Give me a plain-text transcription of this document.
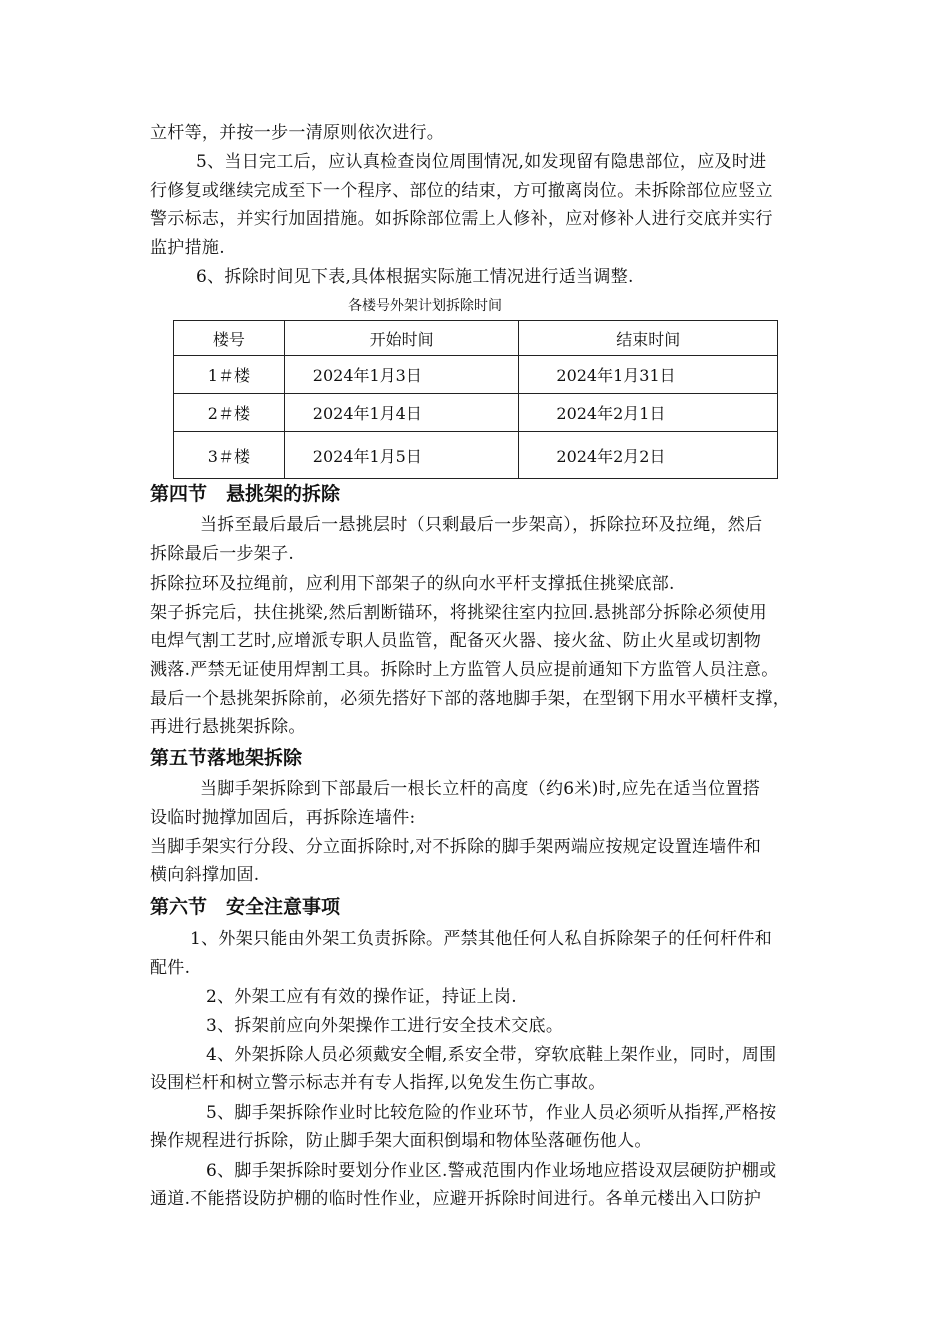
立杆等，并按一步一清原则依次进行。
5、当日完工后，应认真检查岗位周围情况,如发现留有隐患部位，应及时进
行修复或继续完成至下一个程序、部位的结束，方可撤离岗位。未拆除部位应竖立
警示标志，并实行加固措施。如拆除部位需上人修补，应对修补人进行交底并实行
监护措施.
6、拆除时间见下表,具体根据实际施工情况进行适当调整.
各楼号外架计划拆除时间
楼号	开始时间	结束时间
1＃楼	2024年1月3日	2024年1月31日
2＃楼	2024年1月4日	2024年2月1日
3＃楼	2024年1月5日	2024年2月2日
第四节　悬挑架的拆除
当拆至最后最后一悬挑层时（只剩最后一步架高），拆除拉环及拉绳，然后
拆除最后一步架子.
拆除拉环及拉绳前，应利用下部架子的纵向水平杆支撑抵住挑梁底部.
架子拆完后，扶住挑梁,然后割断锚环，将挑梁往室内拉回.悬挑部分拆除必须使用
电焊气割工艺时,应增派专职人员监管，配备灭火器、接火盆、防止火星或切割物
溅落.严禁无证使用焊割工具。拆除时上方监管人员应提前通知下方监管人员注意。
最后一个悬挑架拆除前，必须先搭好下部的落地脚手架，在型钢下用水平横杆支撑，
再进行悬挑架拆除。
第五节落地架拆除
当脚手架拆除到下部最后一根长立杆的高度（约6米)时,应先在适当位置搭
设临时抛撑加固后，再拆除连墙件:
当脚手架实行分段、分立面拆除时,对不拆除的脚手架两端应按规定设置连墙件和
横向斜撑加固.
第六节　安全注意事项
1、外架只能由外架工负责拆除。严禁其他任何人私自拆除架子的任何杆件和
配件.
2、外架工应有有效的操作证，持证上岗.
3、拆架前应向外架操作工进行安全技术交底。
4、外架拆除人员必须戴安全帽,系安全带，穿软底鞋上架作业，同时，周围
设围栏杆和树立警示标志并有专人指挥,以免发生伤亡事故。
5、脚手架拆除作业时比较危险的作业环节，作业人员必须听从指挥,严格按
操作规程进行拆除，防止脚手架大面积倒塌和物体坠落砸伤他人。
6、脚手架拆除时要划分作业区.警戒范围内作业场地应搭设双层硬防护棚或
通道.不能搭设防护棚的临时性作业，应避开拆除时间进行。各单元楼出入口防护
